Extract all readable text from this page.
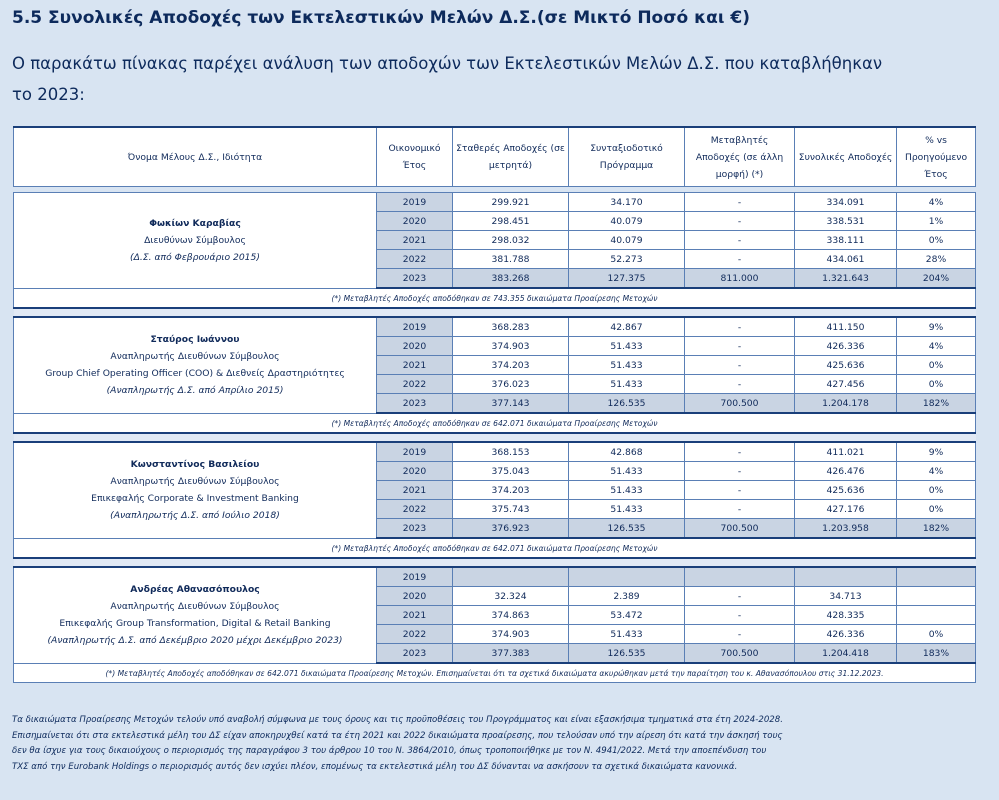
5.5 Συνολικές Αποδοχές των Εκτελεστικών Μελών Δ.Σ.(σε Μικτό Ποσό και €)
Ο παρακάτω πίνακας παρέχει ανάλυση των αποδοχών των Εκτελεστικών Μελών Δ.Σ. που καταβλήθηκαν
το 2023:
Όνομα Μέλους Δ.Σ., Ιδιότητα	Οικονομικό Έτος	Σταθερές Αποδοχές (σε μετρητά)	Συνταξιοδοτικό Πρόγραμμα	Μεταβλητές Αποδοχές (σε άλλη μορφή) (*)	Συνολικές Αποδοχές	% vs Προηγούμενο Έτος

Φωκίων Καραβίας
Διευθύνων Σύμβουλος
(Δ.Σ. από Φεβρουάριο 2015)	2019	299.921	34.170	-	334.091	4%
	2020	298.451	40.079	-	338.531	1%
	2021	298.032	40.079	-	338.111	0%
	2022	381.788	52.273	-	434.061	28%
	2023	383.268	127.375	811.000	1.321.643	204%
(*) Μεταβλητές Αποδοχές αποδόθηκαν σε 743.355 δικαιώματα Προαίρεσης Μετοχών						

Σταύρος Ιωάννου
Αναπληρωτής Διευθύνων Σύμβουλος
Group Chief Operating Officer (COO) & Διεθνείς Δραστηριότητες
(Αναπληρωτής Δ.Σ. από Απρίλιο 2015)	2019	368.283	42.867	-	411.150	9%
	2020	374.903	51.433	-	426.336	4%
	2021	374.203	51.433	-	425.636	0%
	2022	376.023	51.433	-	427.456	0%
	2023	377.143	126.535	700.500	1.204.178	182%
(*) Μεταβλητές Αποδοχές αποδόθηκαν σε 642.071 δικαιώματα Προαίρεσης Μετοχών						

Κωνσταντίνος Βασιλείου
Αναπληρωτής Διευθύνων Σύμβουλος
Επικεφαλής Corporate & Investment Banking
(Αναπληρωτής Δ.Σ. από Ιούλιο 2018)	2019	368.153	42.868	-	411.021	9%
	2020	375.043	51.433	-	426.476	4%
	2021	374.203	51.433	-	425.636	0%
	2022	375.743	51.433	-	427.176	0%
	2023	376.923	126.535	700.500	1.203.958	182%
(*) Μεταβλητές Αποδοχές αποδόθηκαν σε 642.071 δικαιώματα Προαίρεσης Μετοχών						

Ανδρέας Αθανασόπουλος
Αναπληρωτής Διευθύνων Σύμβουλος
Επικεφαλής Group Transformation, Digital & Retail Banking
(Αναπληρωτής Δ.Σ. από Δεκέμβριο 2020 μέχρι Δεκέμβριο 2023)	2019					
	2020	32.324	2.389	-	34.713	
	2021	374.863	53.472	-	428.335	
	2022	374.903	51.433	-	426.336	0%
	2023	377.383	126.535	700.500	1.204.418	183%
(*) Μεταβλητές Αποδοχές αποδόθηκαν σε 642.071 δικαιώματα Προαίρεσης Μετοχών. Επισημαίνεται ότι τα σχετικά δικαιώματα ακυρώθηκαν μετά την παραίτηση του κ. Αθανασόπουλου στις 31.12.2023.						
Τα δικαιώματα Προαίρεσης Μετοχών τελούν υπό αναβολή σύμφωνα με τους όρους και τις προϋποθέσεις του Προγράμματος και είναι εξασκήσιμα τμηματικά στα έτη 2024-2028.
Επισημαίνεται ότι στα εκτελεστικά μέλη του ΔΣ είχαν αποκηρυχθεί κατά τα έτη 2021 και 2022 δικαιώματα προαίρεσης, που τελούσαν υπό την αίρεση ότι κατά την άσκησή τους
δεν θα ίσχυε για τους δικαιούχους ο περιορισμός της παραγράφου 3 του άρθρου 10 του Ν. 3864/2010, όπως τροποποιήθηκε με τον Ν. 4941/2022. Μετά την αποεπένδυση του
ΤΧΣ από την Eurobank Holdings ο περιορισμός αυτός δεν ισχύει πλέον, επομένως τα εκτελεστικά μέλη του ΔΣ δύνανται να ασκήσουν τα σχετικά δικαιώματα κανονικά.
